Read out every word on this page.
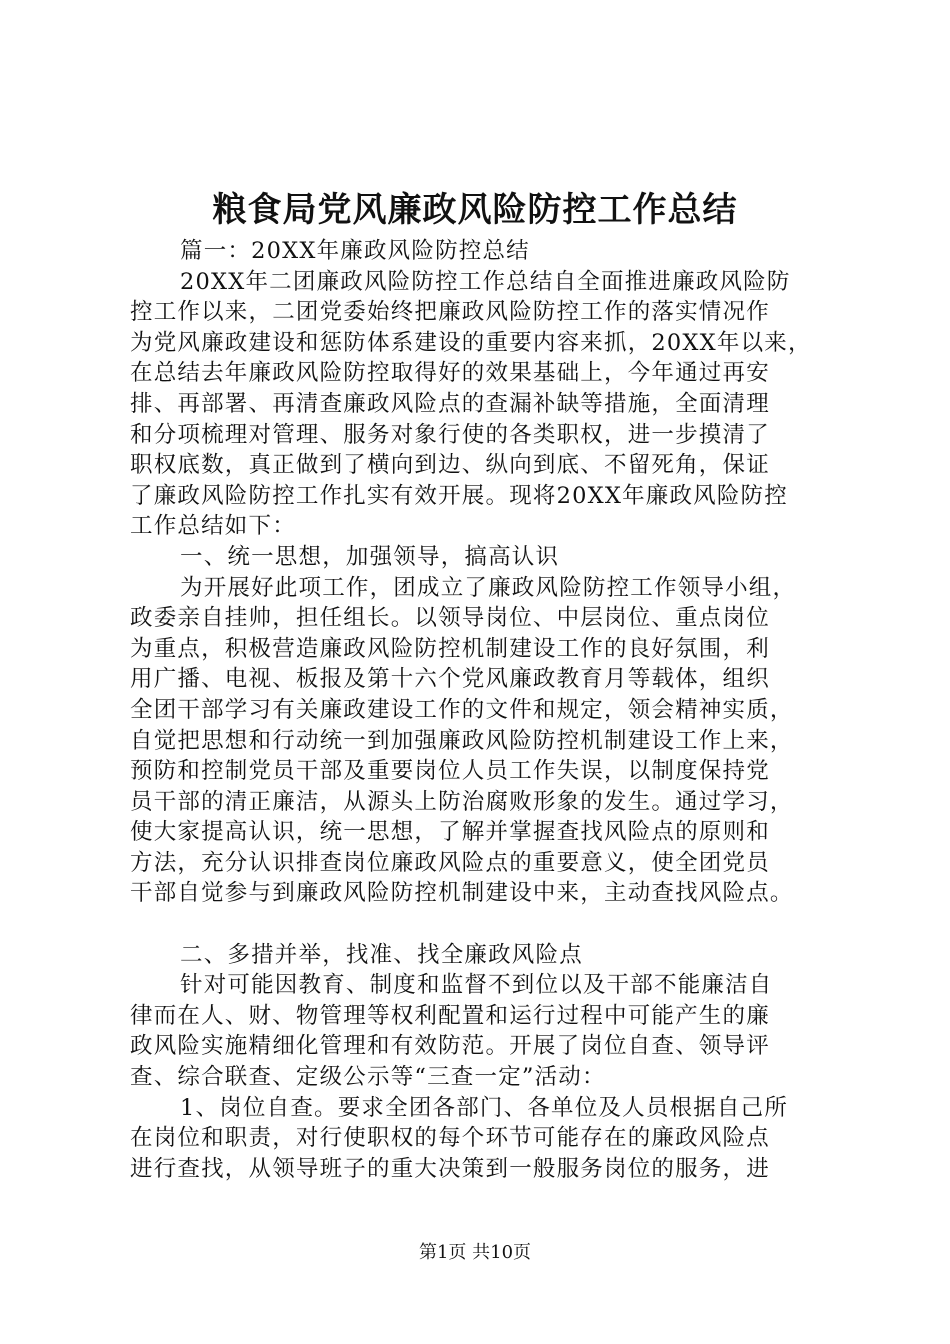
粮食局党风廉政风险防控工作总结
篇一：20XX年廉政风险防控总结
20XX年二团廉政风险防控工作总结自全面推进廉政风险防
控工作以来，二团党委始终把廉政风险防控工作的落实情况作
为党风廉政建设和惩防体系建设的重要内容来抓，20XX年以来，
在总结去年廉政风险防控取得好的效果基础上，今年通过再安
排、再部署、再清查廉政风险点的查漏补缺等措施，全面清理
和分项梳理对管理、服务对象行使的各类职权，进一步摸清了
职权底数，真正做到了横向到边、纵向到底、不留死角，保证
了廉政风险防控工作扎实有效开展。现将20XX年廉政风险防控
工作总结如下：
一、统一思想，加强领导，搞高认识
为开展好此项工作，团成立了廉政风险防控工作领导小组，
政委亲自挂帅，担任组长。以领导岗位、中层岗位、重点岗位
为重点，积极营造廉政风险防控机制建设工作的良好氛围，利
用广播、电视、板报及第十六个党风廉政教育月等载体，组织
全团干部学习有关廉政建设工作的文件和规定，领会精神实质，
自觉把思想和行动统一到加强廉政风险防控机制建设工作上来，
预防和控制党员干部及重要岗位人员工作失误，以制度保持党
员干部的清正廉洁，从源头上防治腐败形象的发生。通过学习，
使大家提高认识，统一思想，了解并掌握查找风险点的原则和
方法，充分认识排查岗位廉政风险点的重要意义，使全团党员
干部自觉参与到廉政风险防控机制建设中来，主动查找风险点。
二、多措并举，找准、找全廉政风险点
针对可能因教育、制度和监督不到位以及干部不能廉洁自
律而在人、财、物管理等权利配置和运行过程中可能产生的廉
政风险实施精细化管理和有效防范。开展了岗位自查、领导评
查、综合联查、定级公示等“三查一定”活动：
1、岗位自查。要求全团各部门、各单位及人员根据自己所
在岗位和职责，对行使职权的每个环节可能存在的廉政风险点
进行查找，从领导班子的重大决策到一般服务岗位的服务，进
第1页 共10页
